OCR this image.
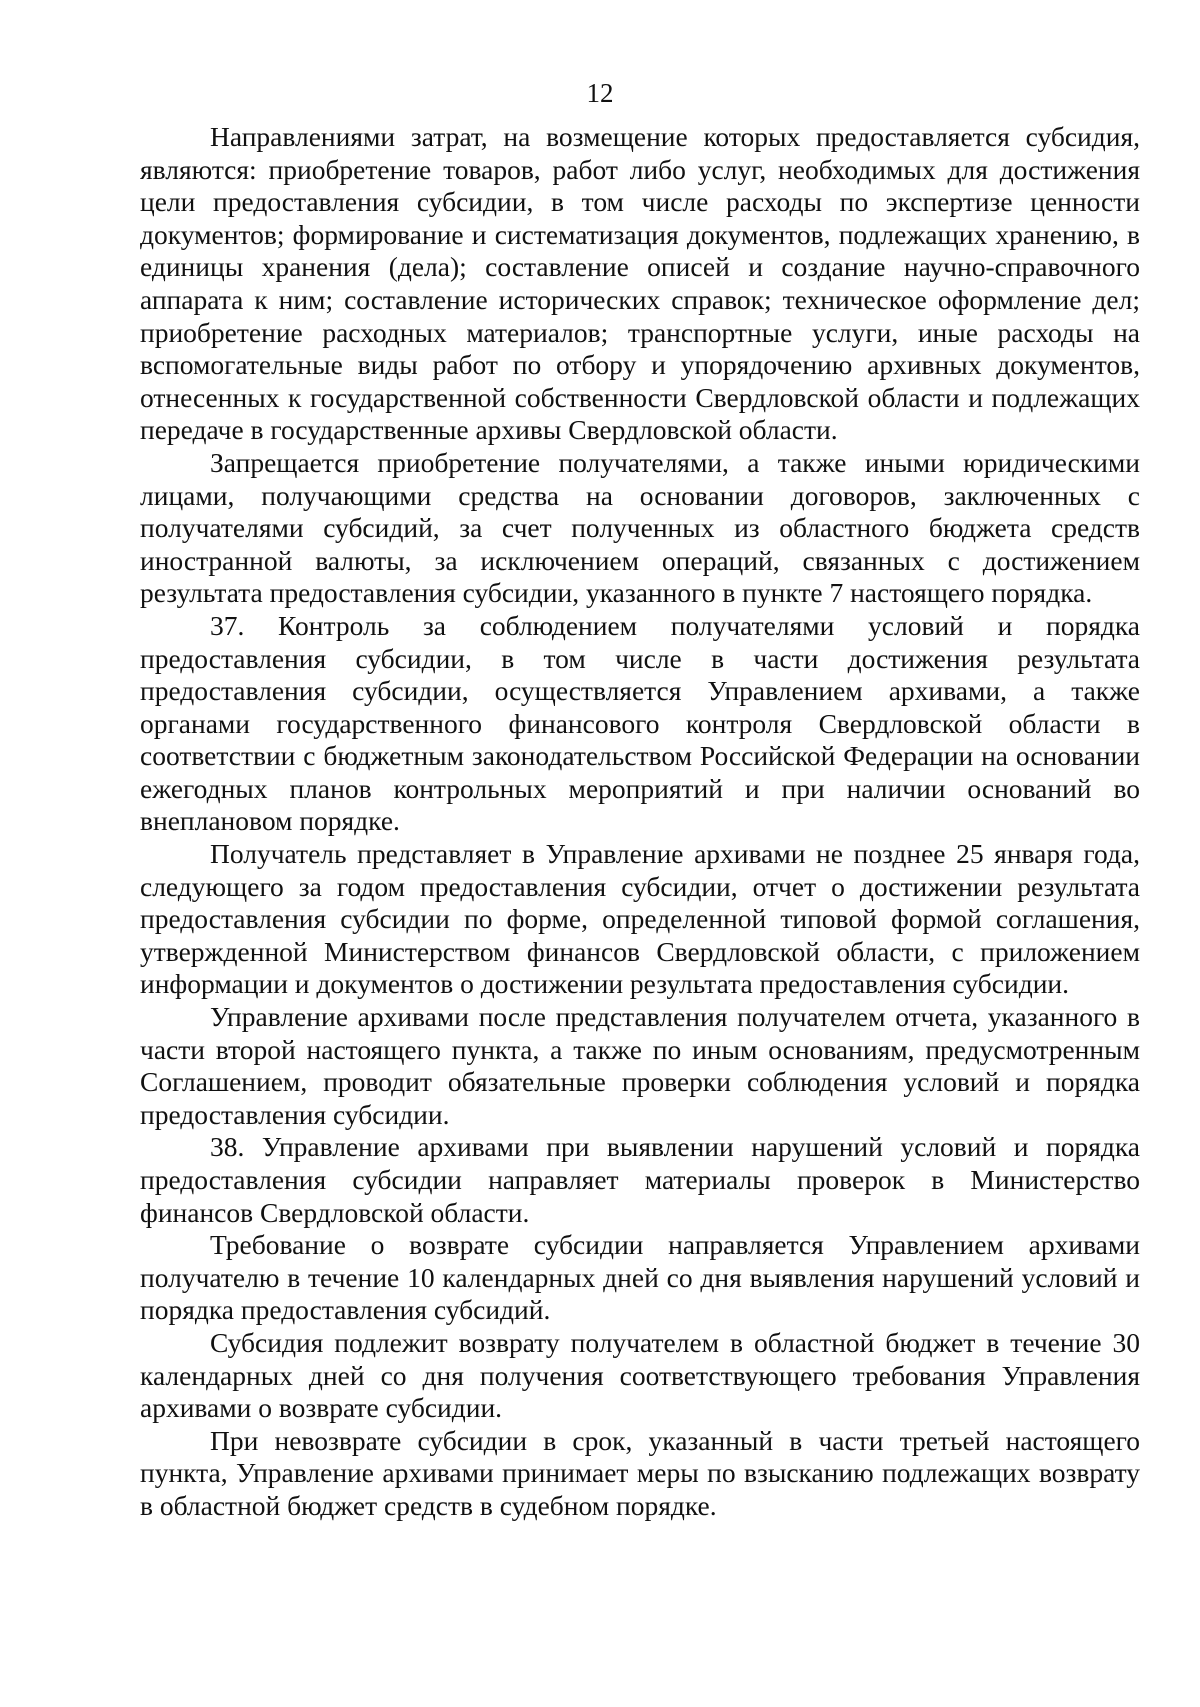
12

Направлениями затрат, на возмещение которых предоставляется субсидия, являются: приобретение товаров, работ либо услуг, необходимых для достижения цели предоставления субсидии, в том числе расходы по экспертизе ценности документов; формирование и систематизация документов, подлежащих хранению, в единицы хранения (дела); составление описей и создание научно-справочного аппарата к ним; составление исторических справок; техническое оформление дел; приобретение расходных материалов; транспортные услуги, иные расходы на вспомогательные виды работ по отбору и упорядочению архивных документов, отнесенных к государственной собственности Свердловской области и подлежащих передаче в государственные архивы Свердловской области.

Запрещается приобретение получателями, а также иными юридическими лицами, получающими средства на основании договоров, заключенных с получателями субсидий, за счет полученных из областного бюджета средств иностранной валюты, за исключением операций, связанных с достижением результата предоставления субсидии, указанного в пункте 7 настоящего порядка.

37. Контроль за соблюдением получателями условий и порядка предоставления субсидии, в том числе в части достижения результата предоставления субсидии, осуществляется Управлением архивами, а также органами государственного финансового контроля Свердловской области в соответствии с бюджетным законодательством Российской Федерации на основании ежегодных планов контрольных мероприятий и при наличии оснований во внеплановом порядке.

Получатель представляет в Управление архивами не позднее 25 января года, следующего за годом предоставления субсидии, отчет о достижении результата предоставления субсидии по форме, определенной типовой формой соглашения, утвержденной Министерством финансов Свердловской области, с приложением информации и документов о достижении результата предоставления субсидии.

Управление архивами после представления получателем отчета, указанного в части второй настоящего пункта, а также по иным основаниям, предусмотренным Соглашением, проводит обязательные проверки соблюдения условий и порядка предоставления субсидии.

38. Управление архивами при выявлении нарушений условий и порядка предоставления субсидии направляет материалы проверок в Министерство финансов Свердловской области.

Требование о возврате субсидии направляется Управлением архивами получателю в течение 10 календарных дней со дня выявления нарушений условий и порядка предоставления субсидий.

Субсидия подлежит возврату получателем в областной бюджет в течение 30 календарных дней со дня получения соответствующего требования Управления архивами о возврате субсидии.

При невозврате субсидии в срок, указанный в части третьей настоящего пункта, Управление архивами принимает меры по взысканию подлежащих возврату в областной бюджет средств в судебном порядке.
